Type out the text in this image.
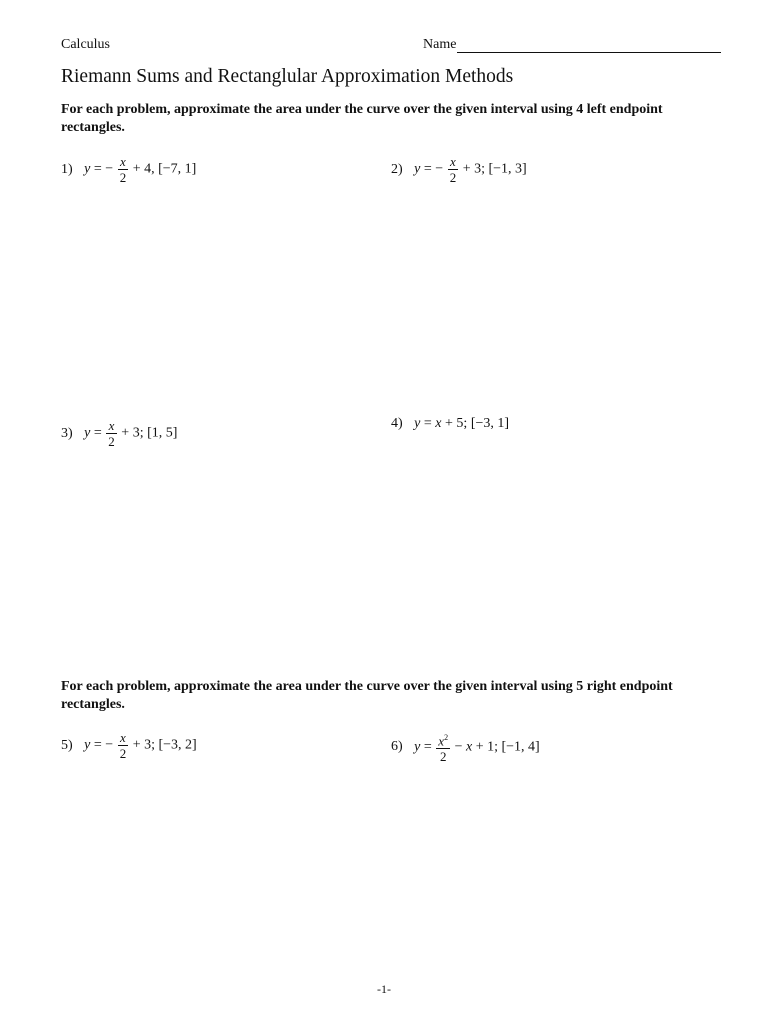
Calculus	Name
Riemann Sums and Rectanglular Approximation Methods
For each problem, approximate the area under the curve over the given interval using 4 left endpoint rectangles.
1) y = − $\frac{x}{2} + 4$, [−7, 1]	2) y = − $\frac{x}{2} + 3$; [−1, 3]
3) $y = \frac{x}{2} + 3$; [1, 5]
4) y = x + 5; [−3, 1]
For each problem, approximate the area under the curve over the given interval using 5 right endpoint rectangles.
5) y = − $\frac{x}{2} + 3$; [−3, 2]	6) $y = \frac{x^2}{2} - x + 1$; [−1, 4]
-1-
